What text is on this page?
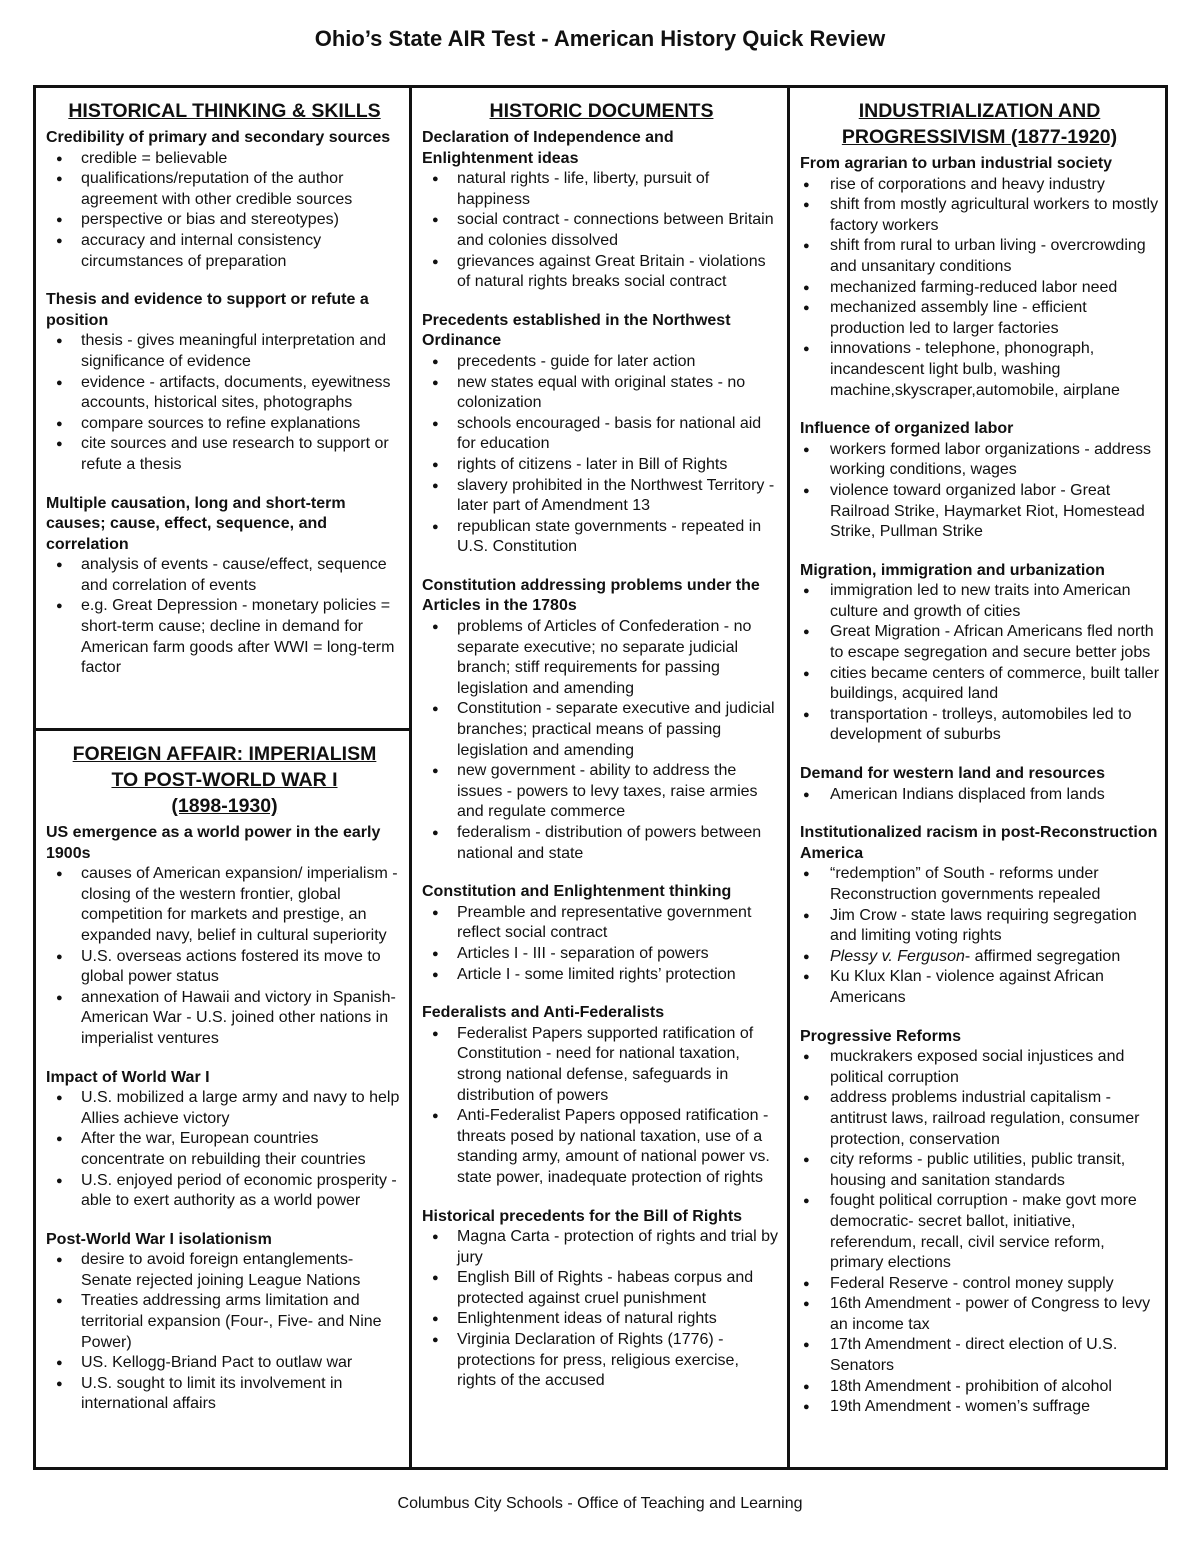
Ohio’s State AIR Test - American History Quick Review
HISTORICAL THINKING & SKILLS
Credibility of primary and secondary sources
● credible = believable
● qualifications/reputation of the author agreement with other credible sources
● perspective or bias and stereotypes)
● accuracy and internal consistency circumstances of preparation
Thesis and evidence to support or refute a position
● thesis - gives meaningful interpretation and significance of evidence
● evidence - artifacts, documents, eyewitness accounts, historical sites, photographs
● compare sources to refine explanations
● cite sources and use research to support or refute a thesis
Multiple causation, long and short-term causes; cause, effect, sequence, and correlation
● analysis of events - cause/effect, sequence and correlation of events
● e.g. Great Depression - monetary policies = short-term cause; decline in demand for American farm goods after WWI = long-term factor
FOREIGN AFFAIR: IMPERIALISM
TO POST-WORLD WAR I
(1898-1930)
US emergence as a world power in the early 1900s
● causes of American expansion/ imperialism - closing of the western frontier, global competition for markets and prestige, an expanded navy, belief in cultural superiority
● U.S. overseas actions fostered its move to global power status
● annexation of Hawaii and victory in Spanish-American War - U.S. joined other nations in imperialist ventures
Impact of World War I
● U.S. mobilized a large army and navy to help Allies achieve victory
● After the war, European countries concentrate on rebuilding their countries
● U.S. enjoyed period of economic prosperity - able to exert authority as a world power
Post-World War I isolationism
● desire to avoid foreign entanglements- Senate rejected joining League Nations
● Treaties addressing arms limitation and territorial expansion (Four-, Five- and Nine Power)
● US. Kellogg-Briand Pact to outlaw war
● U.S. sought to limit its involvement in international affairs
HISTORIC DOCUMENTS
Declaration of Independence and Enlightenment ideas
● natural rights - life, liberty, pursuit of happiness
● social contract - connections between Britain and colonies dissolved
● grievances against Great Britain - violations of natural rights breaks social contract
Precedents established in the Northwest Ordinance
● precedents - guide for later action
● new states equal with original states - no colonization
● schools encouraged - basis for national aid for education
● rights of citizens - later in Bill of Rights
● slavery prohibited in the Northwest Territory - later part of Amendment 13
● republican state governments - repeated in U.S. Constitution
Constitution addressing problems under the Articles in the 1780s
● problems of Articles of Confederation - no separate executive; no separate judicial branch; stiff requirements for passing legislation and amending
● Constitution - separate executive and judicial branches; practical means of passing legislation and amending
● new government - ability to address the issues - powers to levy taxes, raise armies and regulate commerce
● federalism - distribution of powers between national and state
Constitution and Enlightenment thinking
● Preamble and representative government reflect social contract
● Articles I - III - separation of powers
● Article I - some limited rights’ protection
Federalists and Anti-Federalists
● Federalist Papers supported ratification of Constitution - need for national taxation, strong national defense, safeguards in distribution of powers
● Anti-Federalist Papers opposed ratification - threats posed by national taxation, use of a standing army, amount of national power vs. state power, inadequate protection of rights
Historical precedents for the Bill of Rights
● Magna Carta - protection of rights and trial by jury
● English Bill of Rights - habeas corpus and protected against cruel punishment
● Enlightenment ideas of natural rights
● Virginia Declaration of Rights (1776) - protections for press, religious exercise, rights of the accused
INDUSTRIALIZATION AND
PROGRESSIVISM (1877-1920)
From agrarian to urban industrial society
● rise of corporations and heavy industry
● shift from mostly agricultural workers to mostly factory workers
● shift from rural to urban living - overcrowding and unsanitary conditions
● mechanized farming-reduced labor need
● mechanized assembly line - efficient production led to larger factories
● innovations - telephone, phonograph, incandescent light bulb, washing machine,skyscraper,automobile, airplane
Influence of organized labor
● workers formed labor organizations - address working conditions, wages
● violence toward organized labor - Great Railroad Strike, Haymarket Riot, Homestead Strike, Pullman Strike
Migration, immigration and urbanization
● immigration led to new traits into American culture and growth of cities
● Great Migration - African Americans fled north to escape segregation and secure better jobs
● cities became centers of commerce, built taller buildings, acquired land
● transportation - trolleys, automobiles led to development of suburbs
Demand for western land and resources
● American Indians displaced from lands
Institutionalized racism in post-Reconstruction America
● “redemption” of South - reforms under Reconstruction governments repealed
● Jim Crow - state laws requiring segregation and limiting voting rights
● Plessy v. Ferguson- affirmed segregation
● Ku Klux Klan - violence against African Americans
Progressive Reforms
● muckrakers exposed social injustices and political corruption
● address problems industrial capitalism - antitrust laws, railroad regulation, consumer protection, conservation
● city reforms - public utilities, public transit, housing and sanitation standards
● fought political corruption - make govt more democratic- secret ballot, initiative, referendum, recall, civil service reform, primary elections
● Federal Reserve - control money supply
● 16th Amendment - power of Congress to levy an income tax
● 17th Amendment - direct election of U.S. Senators
● 18th Amendment - prohibition of alcohol
● 19th Amendment - women’s suffrage
Columbus City Schools - Office of Teaching and Learning
